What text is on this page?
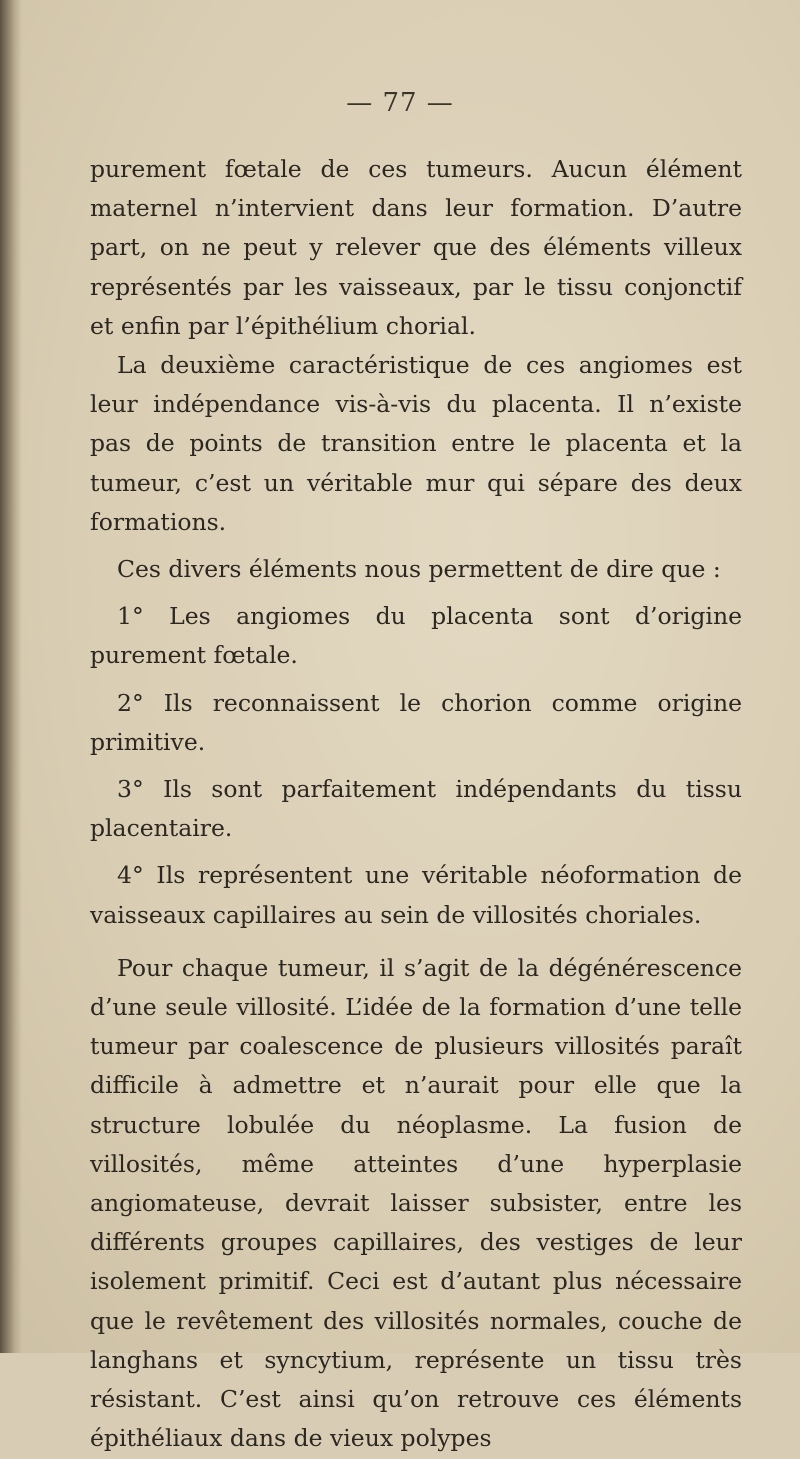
— 77 —

purement fœtale de ces tumeurs. Aucun élément maternel n’intervient dans leur formation. D’autre part, on ne peut y relever que des éléments villeux représentés par les vaisseaux, par le tissu conjonctif et enfin par l’épithélium chorial.

La deuxième caractéristique de ces angiomes est leur indépendance vis-à-vis du placenta. Il n’existe pas de points de transition entre le placenta et la tumeur, c’est un véritable mur qui sépare des deux formations.

Ces divers éléments nous permettent de dire que :

1° Les angiomes du placenta sont d’origine purement fœtale.

2° Ils reconnaissent le chorion comme origine primitive.

3° Ils sont parfaitement indépendants du tissu placentaire.

4° Ils représentent une véritable néoformation de vaisseaux capillaires au sein de villosités choriales.

Pour chaque tumeur, il s’agit de la dégénérescence d’une seule villosité. L’idée de la formation d’une telle tumeur par coalescence de plusieurs villosités paraît difficile à admettre et n’aurait pour elle que la structure lobulée du néoplasme. La fusion de villosités, même atteintes d’une hyperplasie angiomateuse, devrait laisser subsister, entre les différents groupes capillaires, des vestiges de leur isolement primitif. Ceci est d’autant plus nécessaire que le revêtement des villosités normales, couche de langhans et syncytium, représente un tissu très résistant. C’est ainsi qu’on retrouve ces éléments épithéliaux dans de vieux polypes
